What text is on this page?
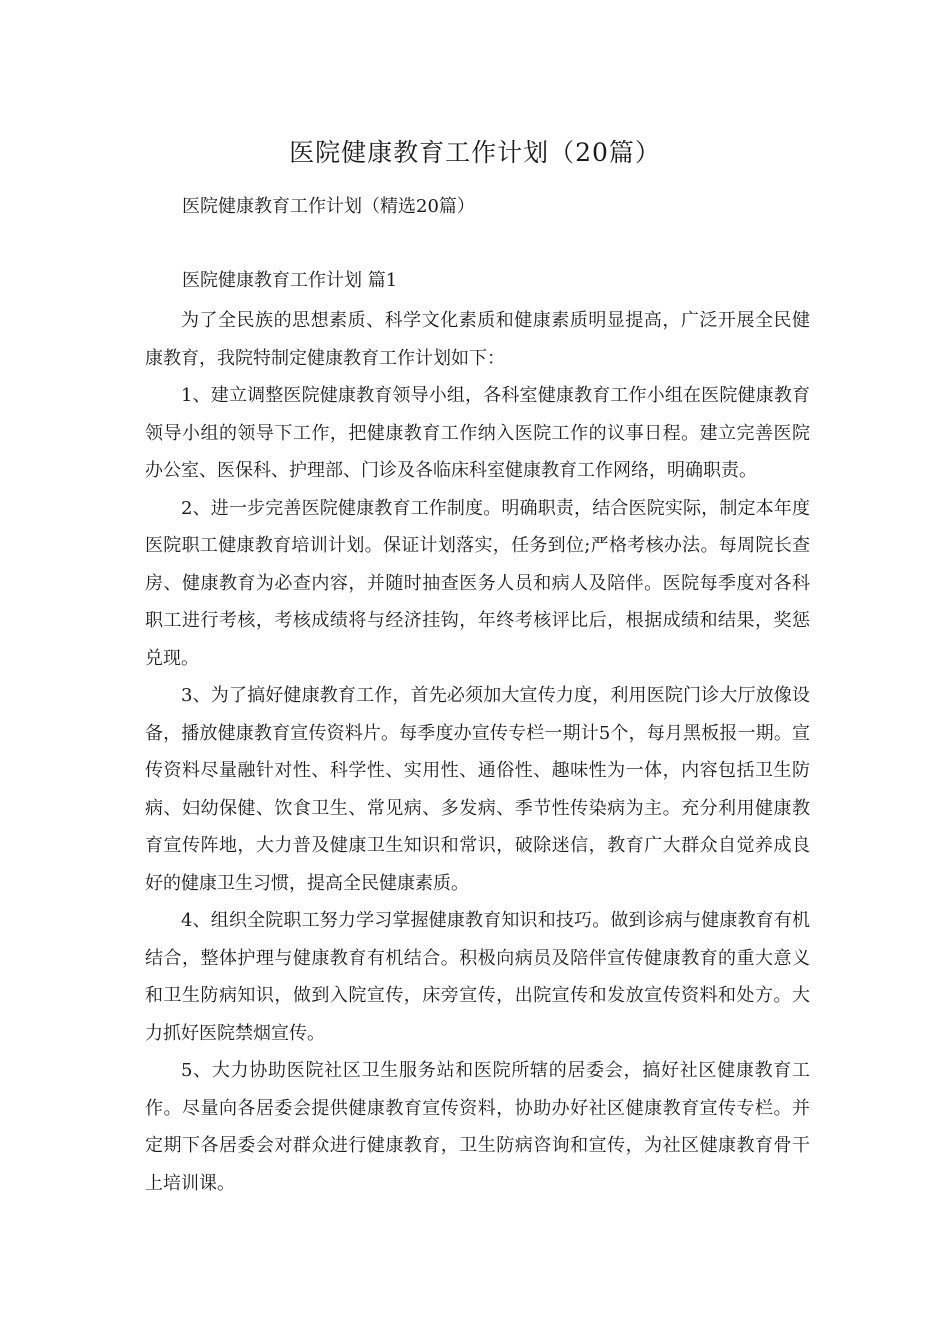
医院健康教育工作计划（20篇）
医院健康教育工作计划（精选20篇）
医院健康教育工作计划 篇1

为了全民族的思想素质、科学文化素质和健康素质明显提高，广泛开展全民健康教育，我院特制定健康教育工作计划如下：

1、建立调整医院健康教育领导小组，各科室健康教育工作小组在医院健康教育领导小组的领导下工作，把健康教育工作纳入医院工作的议事日程。建立完善医院办公室、医保科、护理部、门诊及各临床科室健康教育工作网络，明确职责。

2、进一步完善医院健康教育工作制度。明确职责，结合医院实际，制定本年度医院职工健康教育培训计划。保证计划落实，任务到位;严格考核办法。每周院长查房、健康教育为必查内容，并随时抽查医务人员和病人及陪伴。医院每季度对各科职工进行考核，考核成绩将与经济挂钩，年终考核评比后，根据成绩和结果，奖惩兑现。

3、为了搞好健康教育工作，首先必须加大宣传力度，利用医院门诊大厅放像设备，播放健康教育宣传资料片。每季度办宣传专栏一期计5个，每月黑板报一期。宣传资料尽量融针对性、科学性、实用性、通俗性、趣味性为一体，内容包括卫生防病、妇幼保健、饮食卫生、常见病、多发病、季节性传染病为主。充分利用健康教育宣传阵地，大力普及健康卫生知识和常识，破除迷信，教育广大群众自觉养成良好的健康卫生习惯，提高全民健康素质。

4、组织全院职工努力学习掌握健康教育知识和技巧。做到诊病与健康教育有机结合，整体护理与健康教育有机结合。积极向病员及陪伴宣传健康教育的重大意义和卫生防病知识，做到入院宣传，床旁宣传，出院宣传和发放宣传资料和处方。大力抓好医院禁烟宣传。

5、大力协助医院社区卫生服务站和医院所辖的居委会，搞好社区健康教育工作。尽量向各居委会提供健康教育宣传资料，协助办好社区健康教育宣传专栏。并定期下各居委会对群众进行健康教育，卫生防病咨询和宣传，为社区健康教育骨干上培训课。
